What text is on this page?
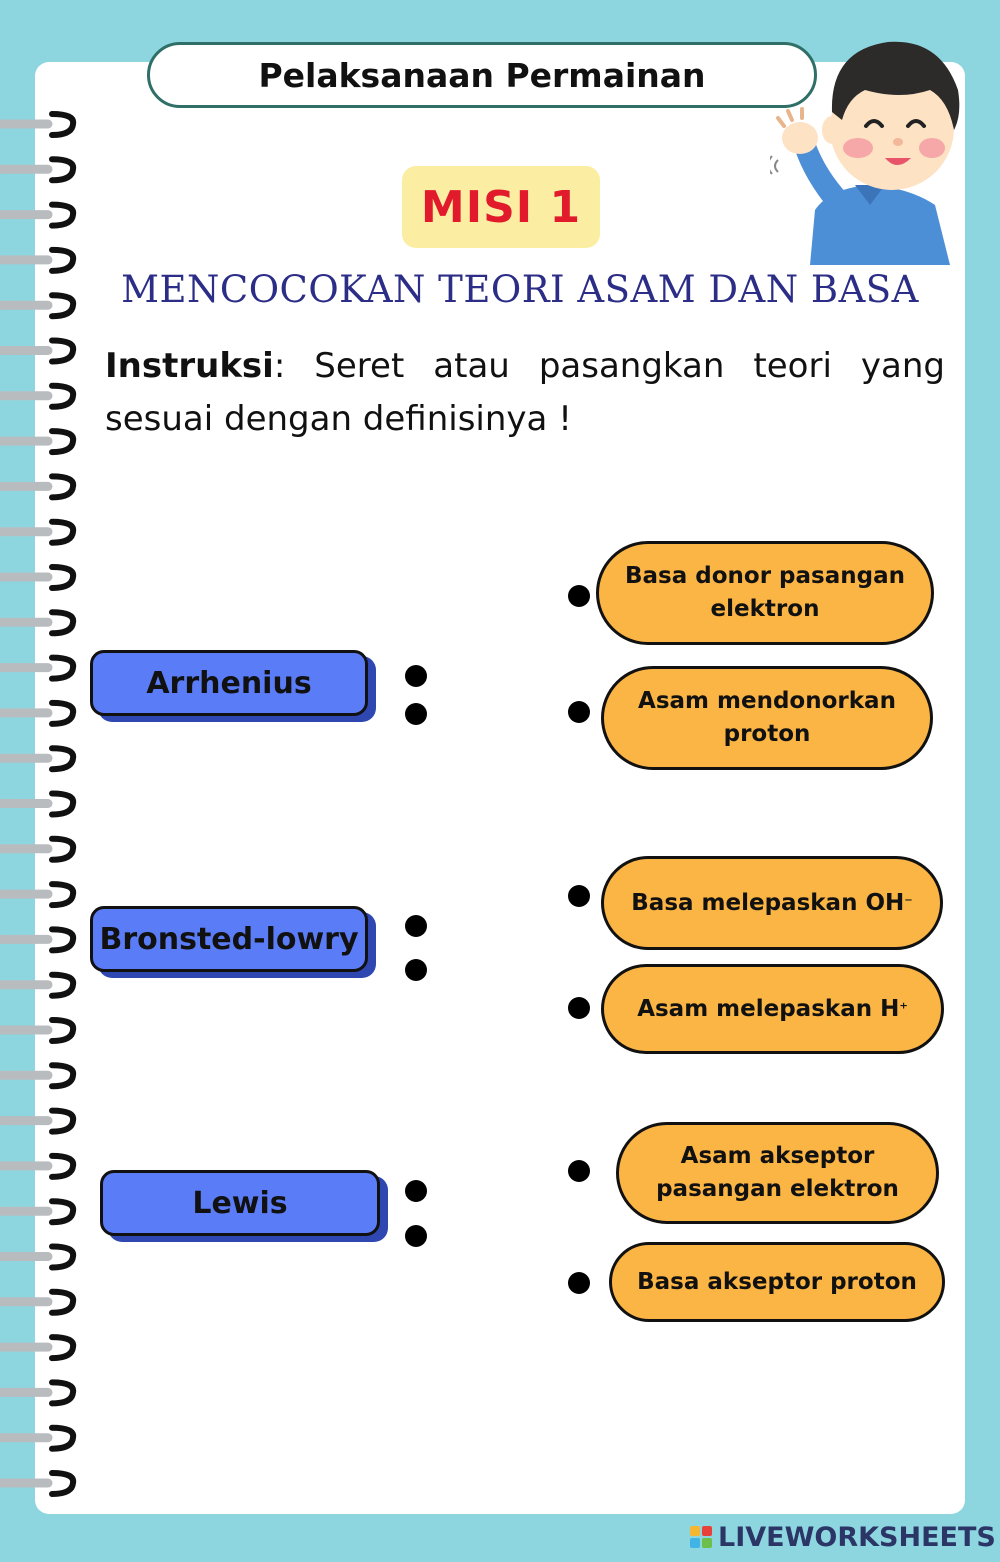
Pelaksanaan Permainan
MISI 1
MENCOCOKAN TEORI ASAM DAN BASA
Instruksi: Seret atau pasangkan teori yang sesuai dengan definisinya !
Arrhenius
Bronsted-lowry
Lewis
Basa donor pasangan elektron
Asam mendonorkan proton
Basa melepaskan OH ⁻
Asam melepaskan H ⁺
Asam akseptor pasangan elektron
Basa akseptor proton
LIVEWORKSHEETS
